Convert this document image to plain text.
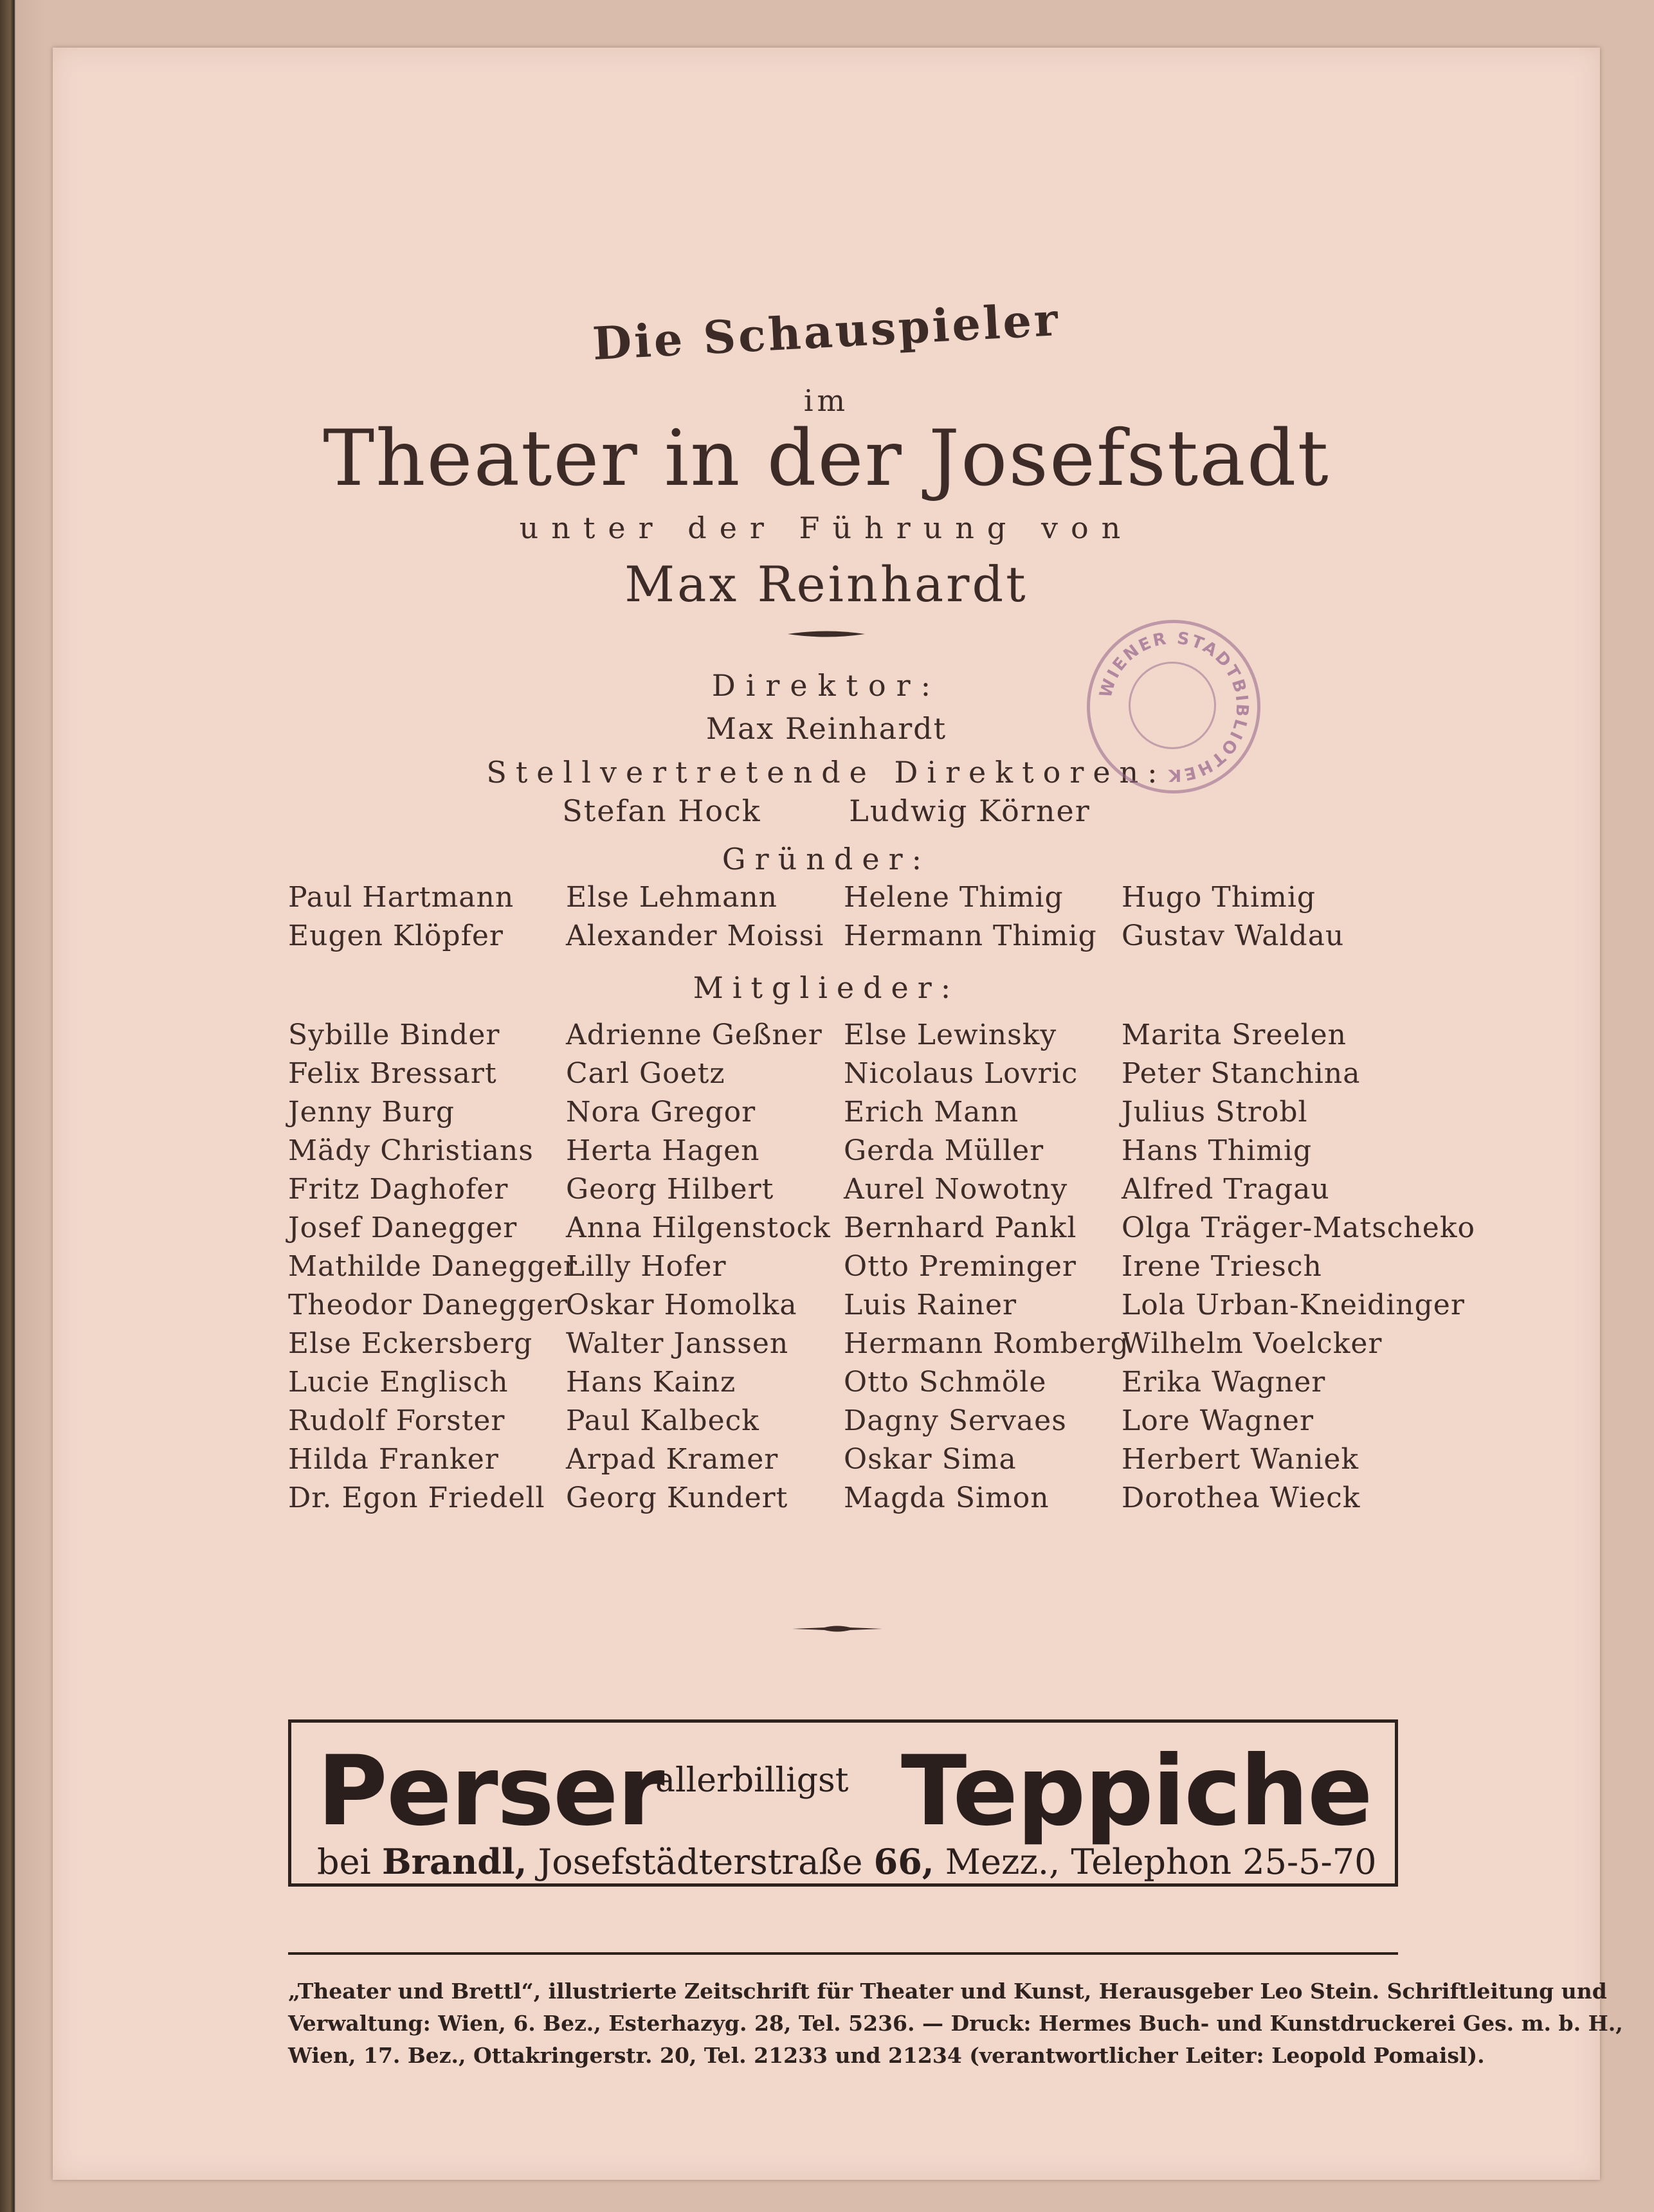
Die Schauspieler
im
Theater in der Josefstadt
unter der Führung von
Max Reinhardt
Direktor:
Max Reinhardt
Stellvertretende Direktoren:
Stefan Hock	Ludwig Körner
Gründer:
Paul Hartmann
Eugen Klöpfer
Else Lehmann
Alexander Moissi
Helene Thimig
Hermann Thimig
Hugo Thimig
Gustav Waldau
Mitglieder:
Sybille Binder
Felix Bressart
Jenny Burg
Mädy Christians
Fritz Daghofer
Josef Danegger
Mathilde Danegger
Theodor Danegger
Else Eckersberg
Lucie Englisch
Rudolf Forster
Hilda Franker
Dr. Egon Friedell
Adrienne Geßner
Carl Goetz
Nora Gregor
Herta Hagen
Georg Hilbert
Anna Hilgenstock
Lilly Hofer
Oskar Homolka
Walter Janssen
Hans Kainz
Paul Kalbeck
Arpad Kramer
Georg Kundert
Else Lewinsky
Nicolaus Lovric
Erich Mann
Gerda Müller
Aurel Nowotny
Bernhard Pankl
Otto Preminger
Luis Rainer
Hermann Romberg
Otto Schmöle
Dagny Servaes
Oskar Sima
Magda Simon
Marita Sreelen
Peter Stanchina
Julius Strobl
Hans Thimig
Alfred Tragau
Olga Träger-Matscheko
Irene Triesch
Lola Urban-Kneidinger
Wilhelm Voelcker
Erika Wagner
Lore Wagner
Herbert Waniek
Dorothea Wieck
WIENER STADTBIBLIOTHEK
Perser
allerbilligst Teppiche
bei Brandl, Josefstädterstraße 66, Mezz., Telephon 25-5-70
„Theater und Brettl“, illustrierte Zeitschrift für Theater und Kunst, Herausgeber Leo Stein. Schriftleitung und
Verwaltung: Wien, 6. Bez., Esterhazyg. 28, Tel. 5236. — Druck: Hermes Buch- und Kunstdruckerei Ges. m. b. H.,
Wien, 17. Bez., Ottakringerstr. 20, Tel. 21233 und 21234 (verantwortlicher Leiter: Leopold Pomaisl).
